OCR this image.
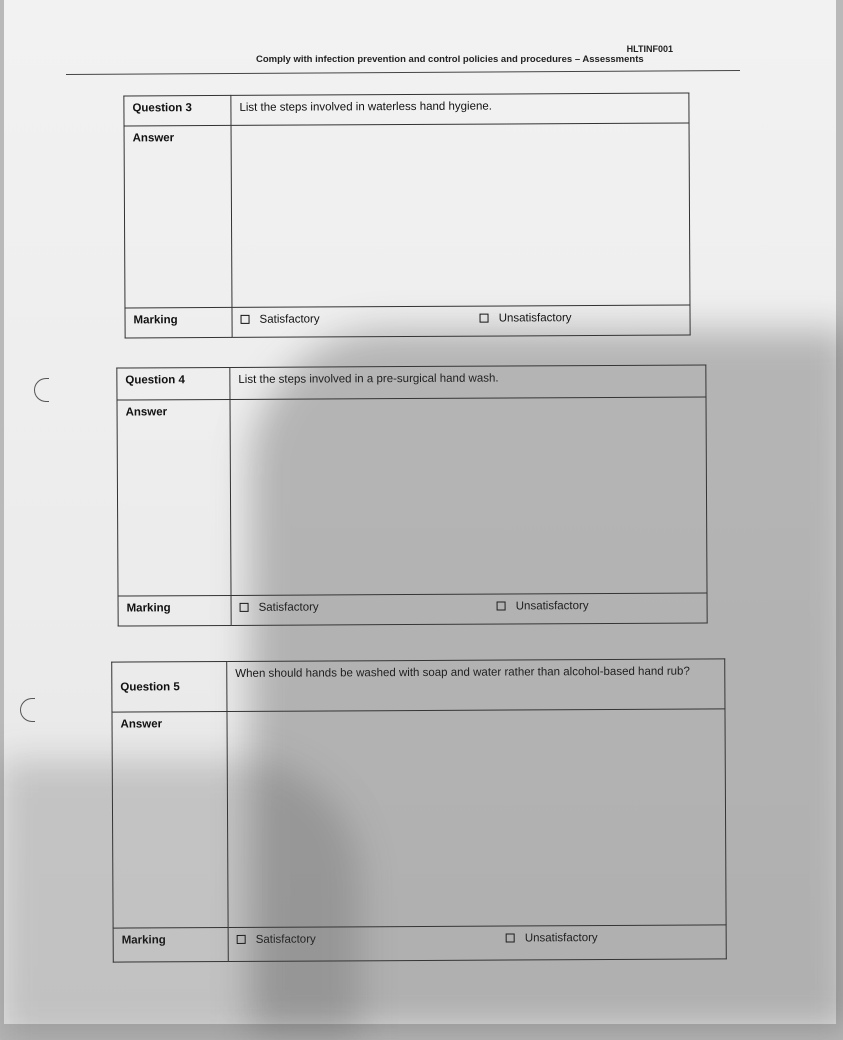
HLTINF001
Comply with infection prevention and control policies and procedures – Assessments
Question 3	List the steps involved in waterless hand hygiene.
Answer	
Marking	Satisfactory Unsatisfactory
Question 4	List the steps involved in a pre-surgical hand wash.
Answer	
Marking	Satisfactory Unsatisfactory
Question 5	When should hands be washed with soap and water rather than alcohol-based hand rub?
Answer	
Marking	Satisfactory Unsatisfactory
